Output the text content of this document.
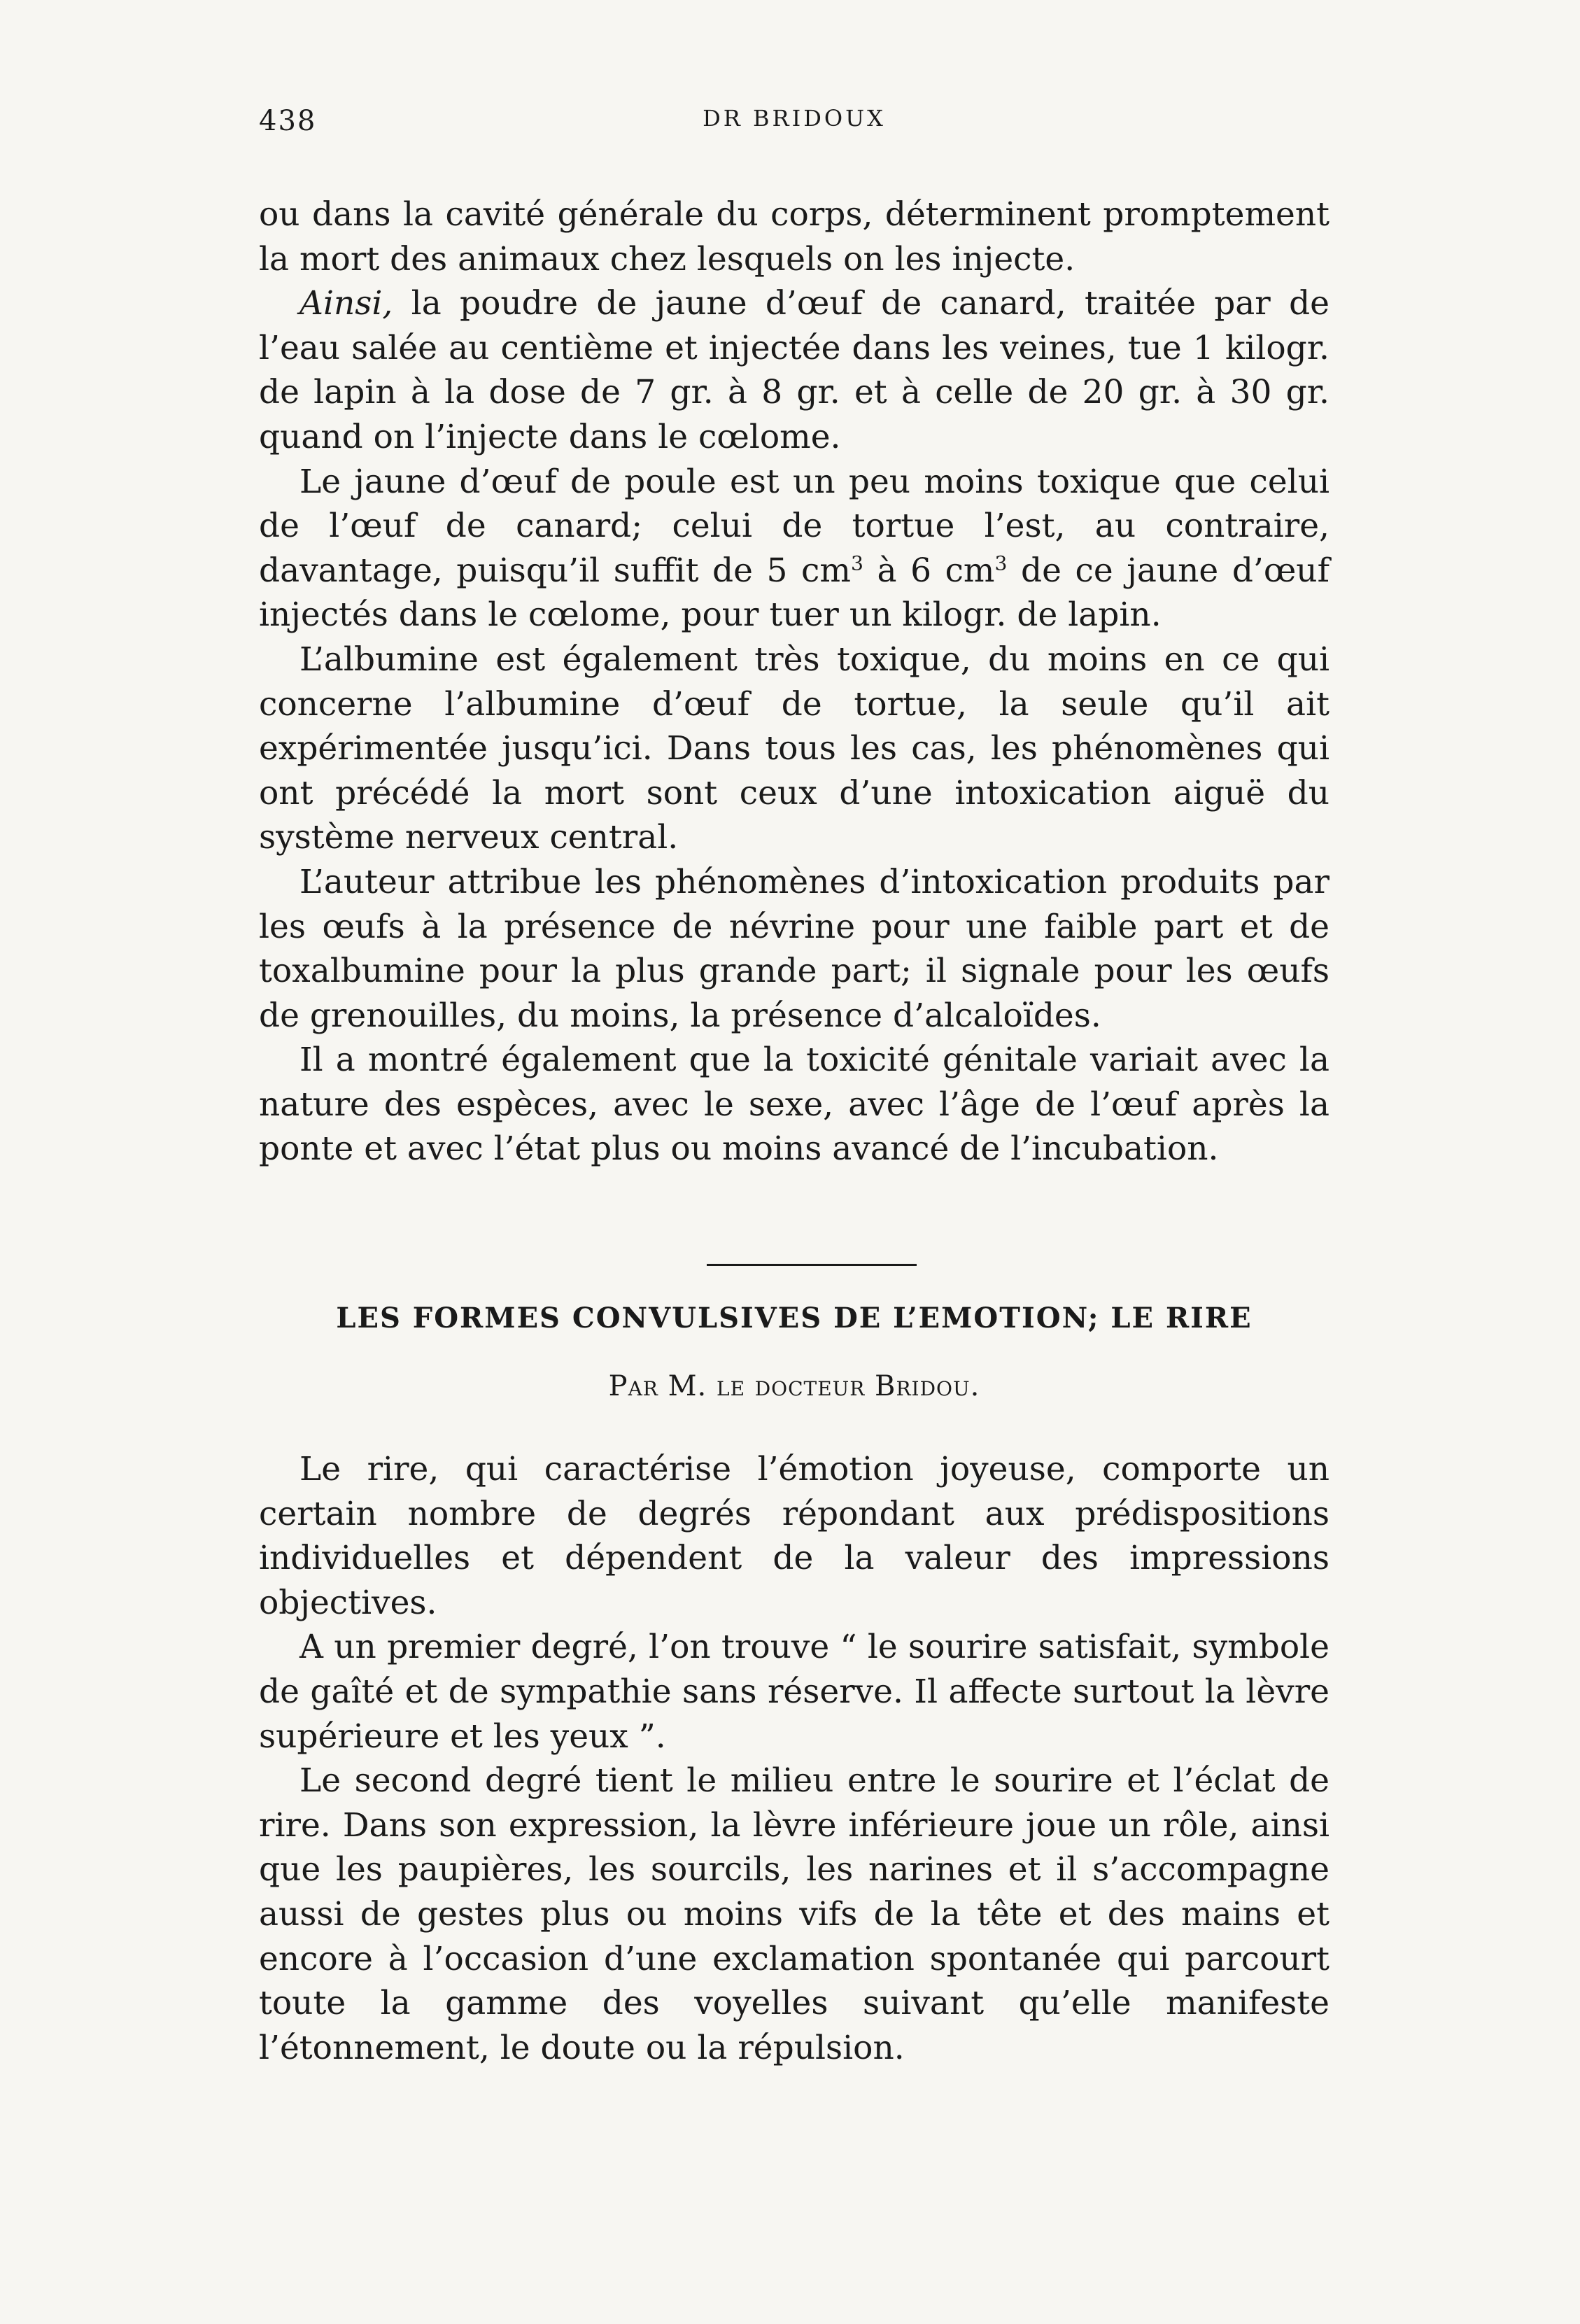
438	DR BRIDOUX

ou dans la cavité générale du corps, déterminent promptement la mort des animaux chez lesquels on les injecte.

Ainsi, la poudre de jaune d’œuf de canard, traitée par de l’eau salée au centième et injectée dans les veines, tue 1 kilogr. de lapin à la dose de 7 gr. à 8 gr. et à celle de 20 gr. à 30 gr. quand on l’injecte dans le cœlome.

Le jaune d’œuf de poule est un peu moins toxique que celui de l’œuf de canard; celui de tortue l’est, au contraire, davantage, puisqu’il suffit de 5 $cm^3$ à 6 $cm^3$ de ce jaune d’œuf injectés dans le cœlome, pour tuer un kilogr. de lapin.

L’albumine est également très toxique, du moins en ce qui concerne l’albumine d’œuf de tortue, la seule qu’il ait expérimentée jusqu’ici. Dans tous les cas, les phénomènes qui ont précédé la mort sont ceux d’une intoxication aiguë du système nerveux central.

L’auteur attribue les phénomènes d’intoxication produits par les œufs à la présence de névrine pour une faible part et de toxalbumine pour la plus grande part; il signale pour les œufs de grenouilles, du moins, la présence d’alcaloïdes.

Il a montré également que la toxicité génitale variait avec la nature des espèces, avec le sexe, avec l’âge de l’œuf après la ponte et avec l’état plus ou moins avancé de l’incubation.

LES FORMES CONVULSIVES DE L’EMOTION; LE RIRE
Par M. le docteur Bridou.

Le rire, qui caractérise l’émotion joyeuse, comporte un certain nombre de degrés répondant aux prédispositions individuelles et dépendent de la valeur des impressions objectives.

A un premier degré, l’on trouve “ le sourire satisfait, symbole de gaîté et de sympathie sans réserve. Il affecte surtout la lèvre supérieure et les yeux ”.

Le second degré tient le milieu entre le sourire et l’éclat de rire. Dans son expression, la lèvre inférieure joue un rôle, ainsi que les paupières, les sourcils, les narines et il s’accompagne aussi de gestes plus ou moins vifs de la tête et des mains et encore à l’occasion d’une exclamation spontanée qui parcourt toute la gamme des voyelles suivant qu’elle manifeste l’étonnement, le doute ou la répulsion.
